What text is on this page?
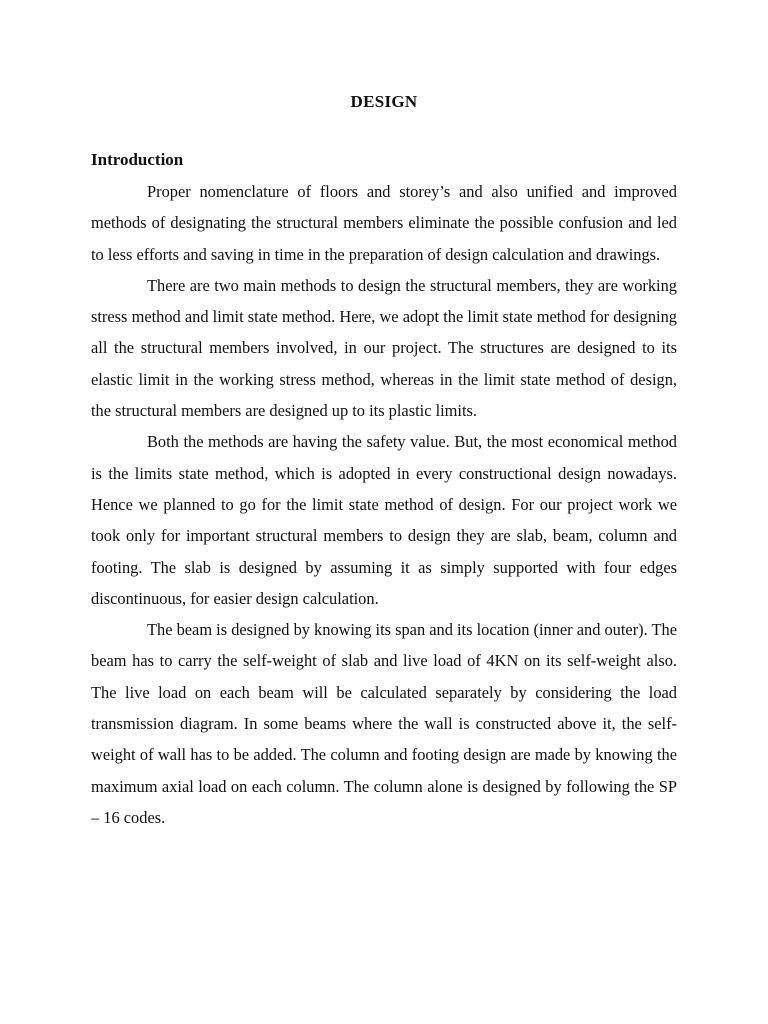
DESIGN
Introduction

Proper nomenclature of floors and storey’s and also unified and improved methods of designating the structural members eliminate the possible confusion and led to less efforts and saving in time in the preparation of design calculation and drawings.

There are two main methods to design the structural members, they are working stress method and limit state method. Here, we adopt the limit state method for designing all the structural members involved, in our project. The structures are designed to its elastic limit in the working stress method, whereas in the limit state method of design, the structural members are designed up to its plastic limits.

Both the methods are having the safety value. But, the most economical method is the limits state method, which is adopted in every constructional design nowadays. Hence we planned to go for the limit state method of design. For our project work we took only for important structural members to design they are slab, beam, column and footing. The slab is designed by assuming it as simply supported with four edges discontinuous, for easier design calculation.

The beam is designed by knowing its span and its location (inner and outer). The beam has to carry the self-weight of slab and live load of 4KN on its self-weight also. The live load on each beam will be calculated separately by considering the load transmission diagram. In some beams where the wall is constructed above it, the self-weight of wall has to be added. The column and footing design are made by knowing the maximum axial load on each column. The column alone is designed by following the SP – 16 codes.
